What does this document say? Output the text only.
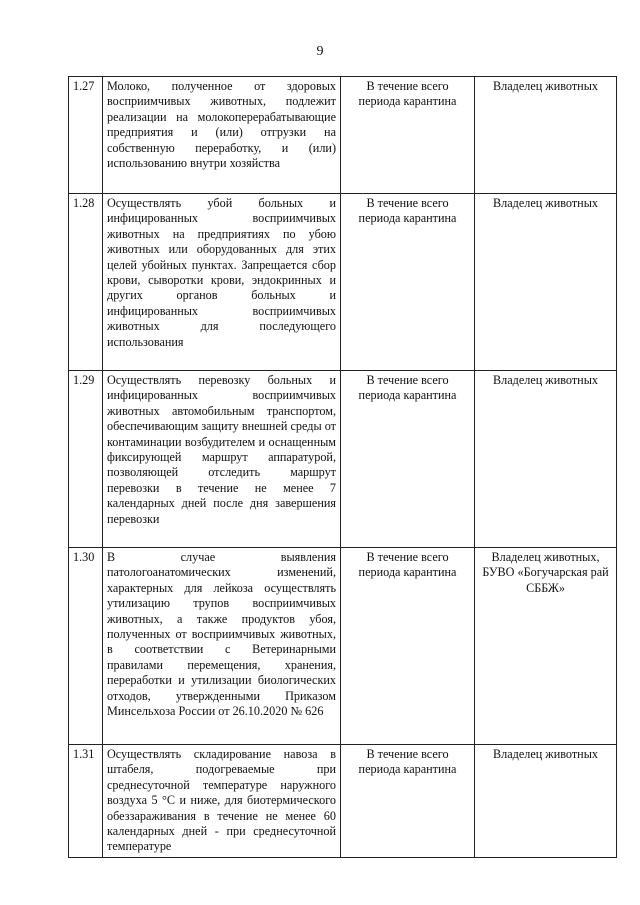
9
1.27	Молоко, полученное от здоровых восприимчивых животных, подлежит реализации на молокоперерабатывающие предприятия и (или) отгрузки на собственную переработку, и (или) использованию внутри хозяйства	В течение всего периода карантина	Владелец животных
1.28	Осуществлять убой больных и инфицированных восприимчивых животных на предприятиях по убою животных или оборудованных для этих целей убойных пунктах. Запрещается сбор крови, сыворотки крови, эндокринных и других органов больных и инфицированных восприимчивых животных для последующего использования	В течение всего периода карантина	Владелец животных
1.29	Осуществлять перевозку больных и инфицированных восприимчивых животных автомобильным транспортом, обеспечивающим защиту внешней среды от контаминации возбудителем и оснащенным фиксирующей маршрут аппаратурой, позволяющей отследить маршрут перевозки в течение не менее 7 календарных дней после дня завершения перевозки	В течение всего периода карантина	Владелец животных
1.30	В случае выявления патологоанатомических изменений, характерных для лейкоза осуществлять утилизацию трупов восприимчивых животных, а также продуктов убоя, полученных от восприимчивых животных, в соответствии с Ветеринарными правилами перемещения, хранения, переработки и утилизации биологических отходов, утвержденными Приказом Минсельхоза России от 26.10.2020 № 626	В течение всего периода карантина	Владелец животных, БУВО «Богучарская рай СББЖ»
1.31	Осуществлять складирование навоза в штабеля, подогреваемые при среднесуточной температуре наружного воздуха 5 °С и ниже, для биотермического обеззараживания в течение не менее 60 календарных дней - при среднесуточной температуре	В течение всего периода карантина	Владелец животных
